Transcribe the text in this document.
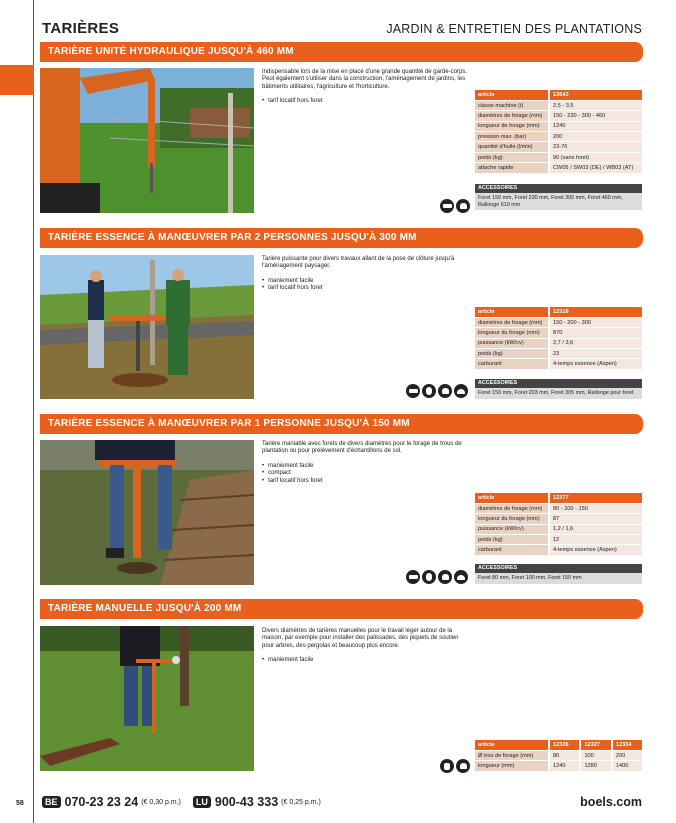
TARIÈRES	JARDIN & ENTRETIEN DES PLANTATIONS
TARIÈRE UNITÉ HYDRAULIQUE JUSQU'À 460 MM
Indispensable lors de la mise en place d'une grande quantité de garde-corps. Peut également s'utiliser dans la construction, l'aménagement de jardins, les bâtiments utilitaires, l'agriculture et l'horticulture.
• tarif locatif hors foret
article	13643
classe machine (t)	2,5 - 3,5
diamètres de forage (mm)	150 - 230 - 300 - 460
longueur de forage (mm)	1240
pression max. (bar)	200
quantité d'huile (l/min)	23-76
poids (kg)	90 (sans foret)
attache rapide	CW05 / SW03 (DE) / WB03 (AT)
ACCESSOIRES
Foret 150 mm, Foret 230 mm, Foret 300 mm, Foret 460 mm, Rallonge 610 mm
TARIÈRE ESSENCE À MANŒUVRER PAR 2 PERSONNES JUSQU'À 300 MM
Tarière puissante pour divers travaux allant de la pose de clôture jusqu'à l'aménagement paysager.
• maniement facile
• tarif locatif hors foret
article	12318
diamètres de forage (mm)	150 - 200 - 300
longueur du forage (mm)	870
puissance (kW/cv)	2,7 / 3,6
poids (kg)	23
carburant	4-temps essence (Aspen)
ACCESSOIRES
Foret 150 mm, Foret 203 mm, Foret 305 mm, Rallonge pour foret
TARIÈRE ESSENCE À MANŒUVRER PAR 1 PERSONNE JUSQU'À 150 MM
Tarière maniable avec forets de divers diamètres pour le forage de trous de plantation ou pour prélèvement d'échantillons de sol.
• maniement facile
• compact
• tarif locatif hors foret
article	12377
diamètres de forage (mm)	80 - 100 - 150
longueur du forage (mm)	87
puissance (kW/cv)	1,2 / 1,6
poids (kg)	12
carburant	4-temps essence (Aspen)
ACCESSOIRES
Foret 80 mm, Foret 100 mm, Foret 150 mm
TARIÈRE MANUELLE JUSQU'À 200 MM
Divers diamètres de tarières manuelles pour le travail léger autour de la maison, par exemple pour installer des palissades, des piquets de soutien pour arbres, des pergolas et beaucoup plus encore.
• maniement facile
article	12326	12327	12334
Ø trou de forage (mm)	80	100	200
longueur (mm)	1240	1280	1400
58	BE 070-23 23 24 (€ 0,30 p.m.)	LU 900-43 333 (€ 0,25 p.m.)	boels.com
